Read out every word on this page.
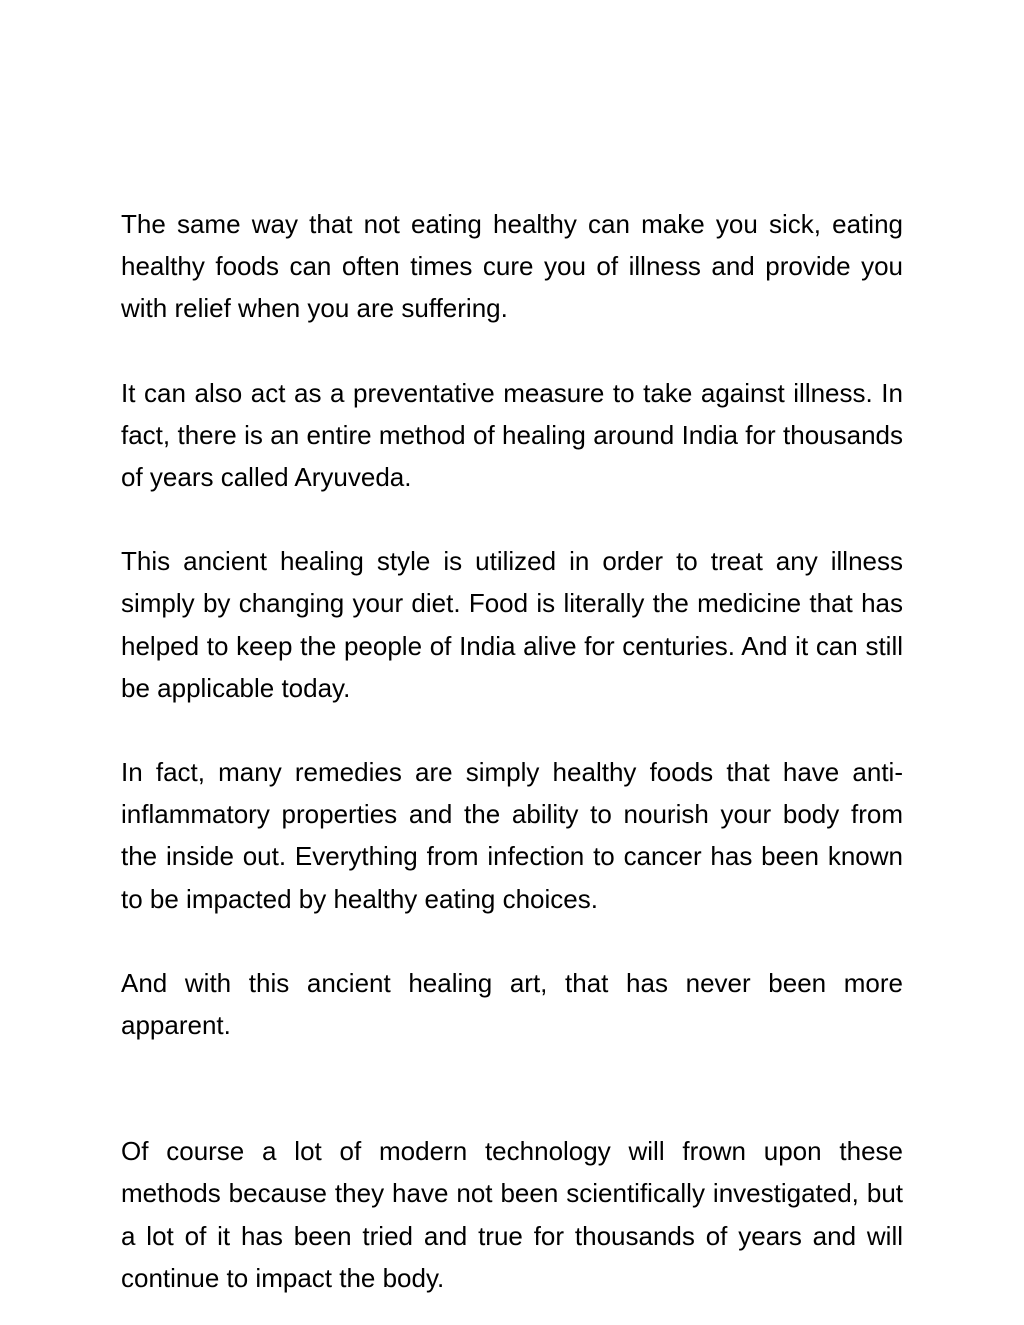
The same way that not eating healthy can make you sick, eating healthy foods can often times cure you of illness and provide you with relief when you are suffering.

It can also act as a preventative measure to take against illness. In fact, there is an entire method of healing around India for thousands of years called Aryuveda.

This ancient healing style is utilized in order to treat any illness simply by changing your diet. Food is literally the medicine that has helped to keep the people of India alive for centuries. And it can still be applicable today.

In fact, many remedies are simply healthy foods that have anti-inflammatory properties and the ability to nourish your body from the inside out. Everything from infection to cancer has been known to be impacted by healthy eating choices.

And with this ancient healing art, that has never been more apparent.

Of course a lot of modern technology will frown upon these methods because they have not been scientifically investigated, but a lot of it has been tried and true for thousands of years and will continue to impact the body.
